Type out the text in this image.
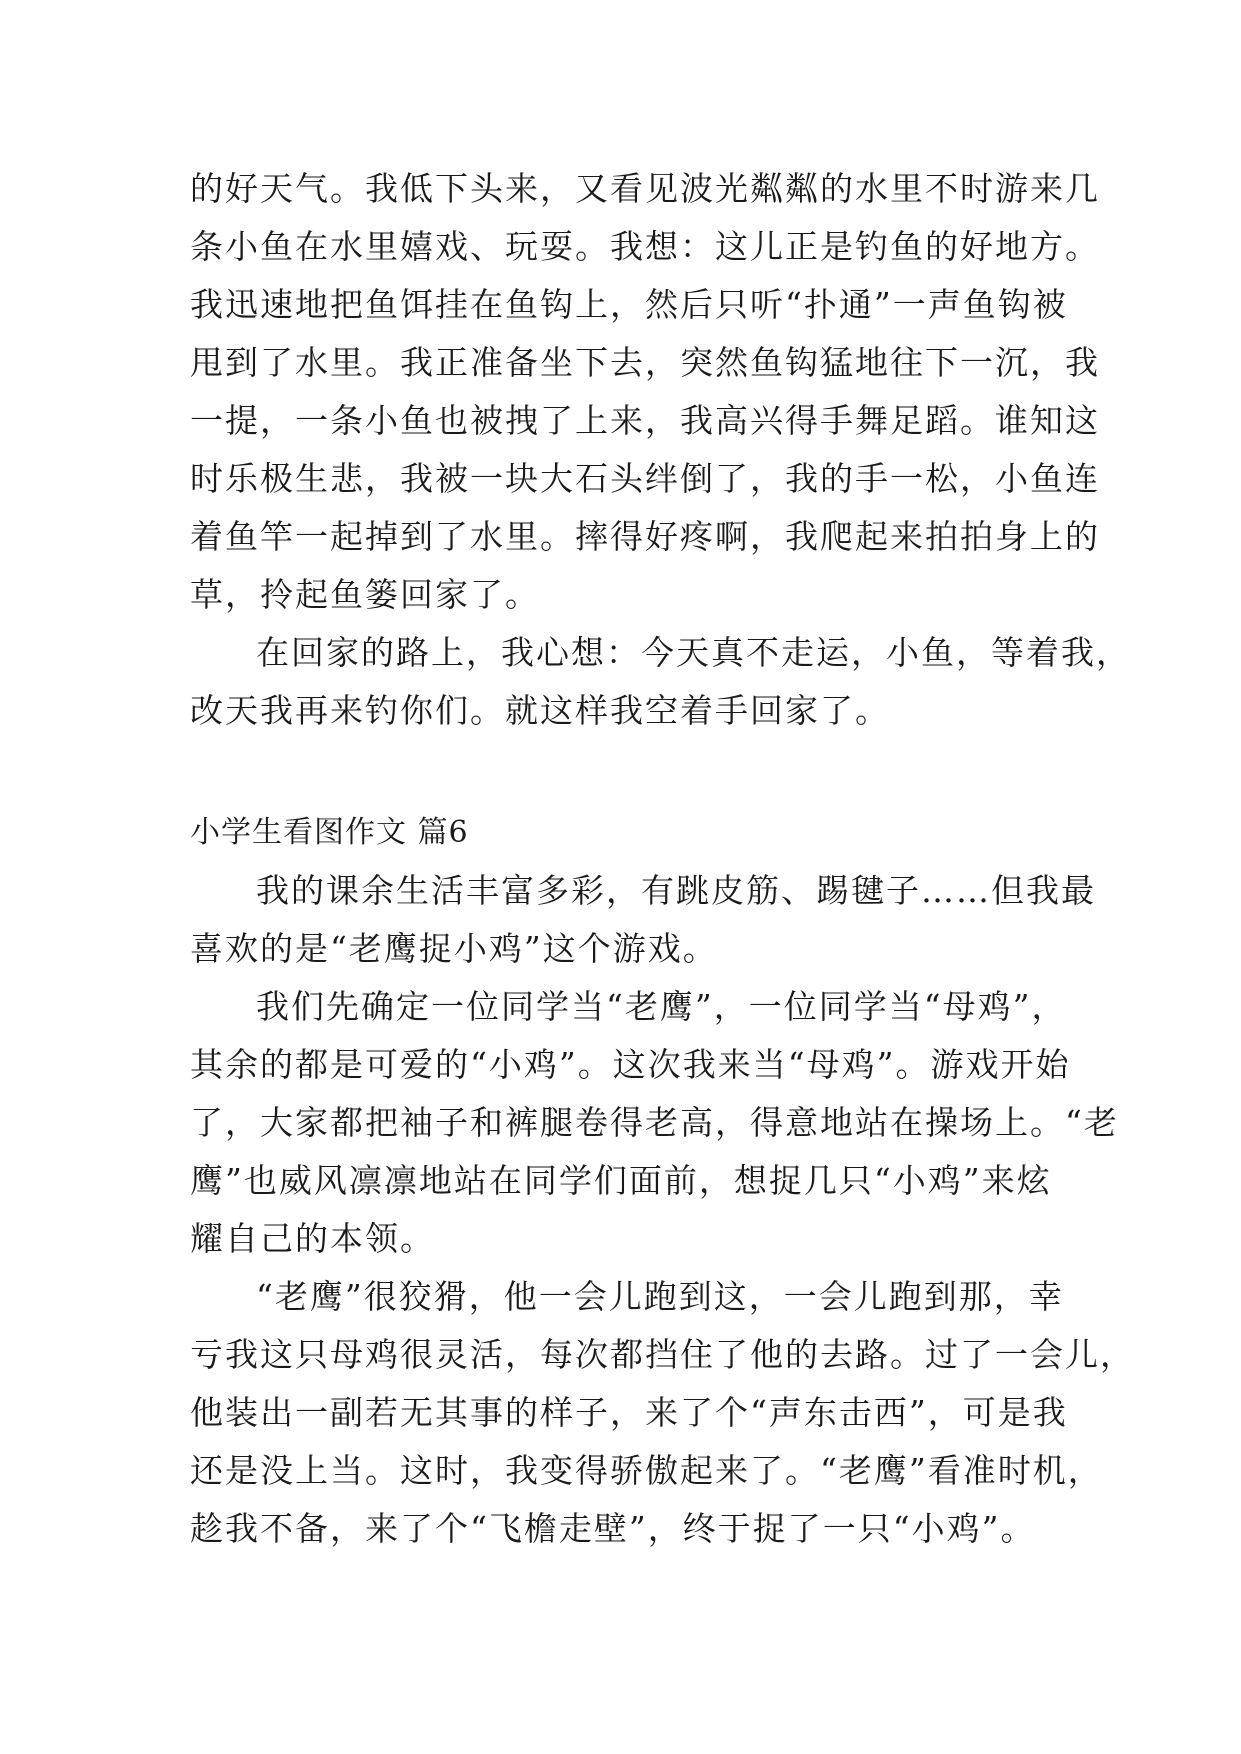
的好天气。我低下头来，又看见波光粼粼的水里不时游来几
条小鱼在水里嬉戏、玩耍。我想：这儿正是钓鱼的好地方。
我迅速地把鱼饵挂在鱼钩上，然后只听“扑通”一声鱼钩被
甩到了水里。我正准备坐下去，突然鱼钩猛地往下一沉，我
一提，一条小鱼也被拽了上来，我高兴得手舞足蹈。谁知这
时乐极生悲，我被一块大石头绊倒了，我的手一松，小鱼连
着鱼竿一起掉到了水里。摔得好疼啊，我爬起来拍拍身上的
草，拎起鱼篓回家了。
在回家的路上，我心想：今天真不走运，小鱼，等着我，
改天我再来钓你们。就这样我空着手回家了。
小学生看图作文 篇6
我的课余生活丰富多彩，有跳皮筋、踢毽子……但我最
喜欢的是“老鹰捉小鸡”这个游戏。
我们先确定一位同学当“老鹰”，一位同学当“母鸡”，
其余的都是可爱的“小鸡”。这次我来当“母鸡”。游戏开始
了，大家都把袖子和裤腿卷得老高，得意地站在操场上。“老
鹰”也威风凛凛地站在同学们面前，想捉几只“小鸡”来炫
耀自己的本领。
“老鹰”很狡猾，他一会儿跑到这，一会儿跑到那，幸
亏我这只母鸡很灵活，每次都挡住了他的去路。过了一会儿，
他装出一副若无其事的样子，来了个“声东击西”，可是我
还是没上当。这时，我变得骄傲起来了。“老鹰”看准时机，
趁我不备，来了个“飞檐走壁”，终于捉了一只“小鸡”。
